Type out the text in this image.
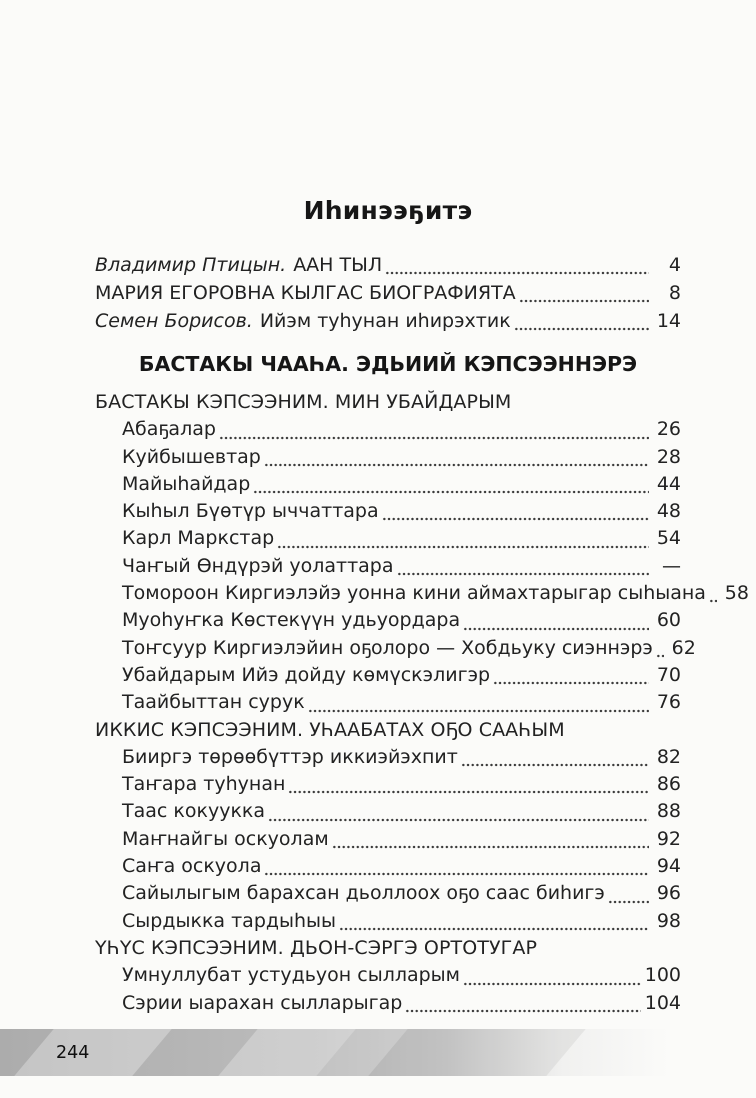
Иһинээҕитэ
Владимир Птицын. ААН ТЫЛ	4
МАРИЯ ЕГОРОВНА КЫЛГАС БИОГРАФИЯТА	8
Семен Борисов. Ийэм туһунан иһирэхтик	14
БАСТАКЫ ЧААҺА. ЭДЬИИЙ КЭПСЭЭННЭРЭ
БАСТАКЫ КЭПСЭЭНИМ. МИН УБАЙДАРЫМ
Абаҕалар	26
Куйбышевтар	28
Майыһайдар	44
Кыһыл Бүөтүр ыччаттара	48
Карл Маркстар	54
Чаҥый Өндүрэй уолаттара	—
Томороон Киргиэлэйэ уонна кини аймахтарыгар сыһыана 58
Муоһуҥка Көстекүүн удьуордара	60
Тоҥсуур Киргиэлэйин оҕолоро — Хобдьуку сиэннэрэ 62
Убайдарым Ийэ дойду көмүскэлигэр	70
Таайбыттан сурук	76
ИККИС КЭПСЭЭНИМ. УҺААБАТАХ ОҔО СААҺЫМ
Бииргэ төрөөбүттэр иккиэйэхпит	82
Таҥара туһунан	86
Таас кокуукка	88
Маҥнайгы оскуолам	92
Саҥа оскуола	94
Сайылыгым барахсан дьоллоох оҕо саас биһигэ	96
Сырдыкка тардыһыы	98
ҮҺҮС КЭПСЭЭНИМ. ДЬОН-СЭРГЭ ОРТОТУГАР
Умнуллубат устудьуон сылларым	100
Сэрии ыарахан сылларыгар	104
244
